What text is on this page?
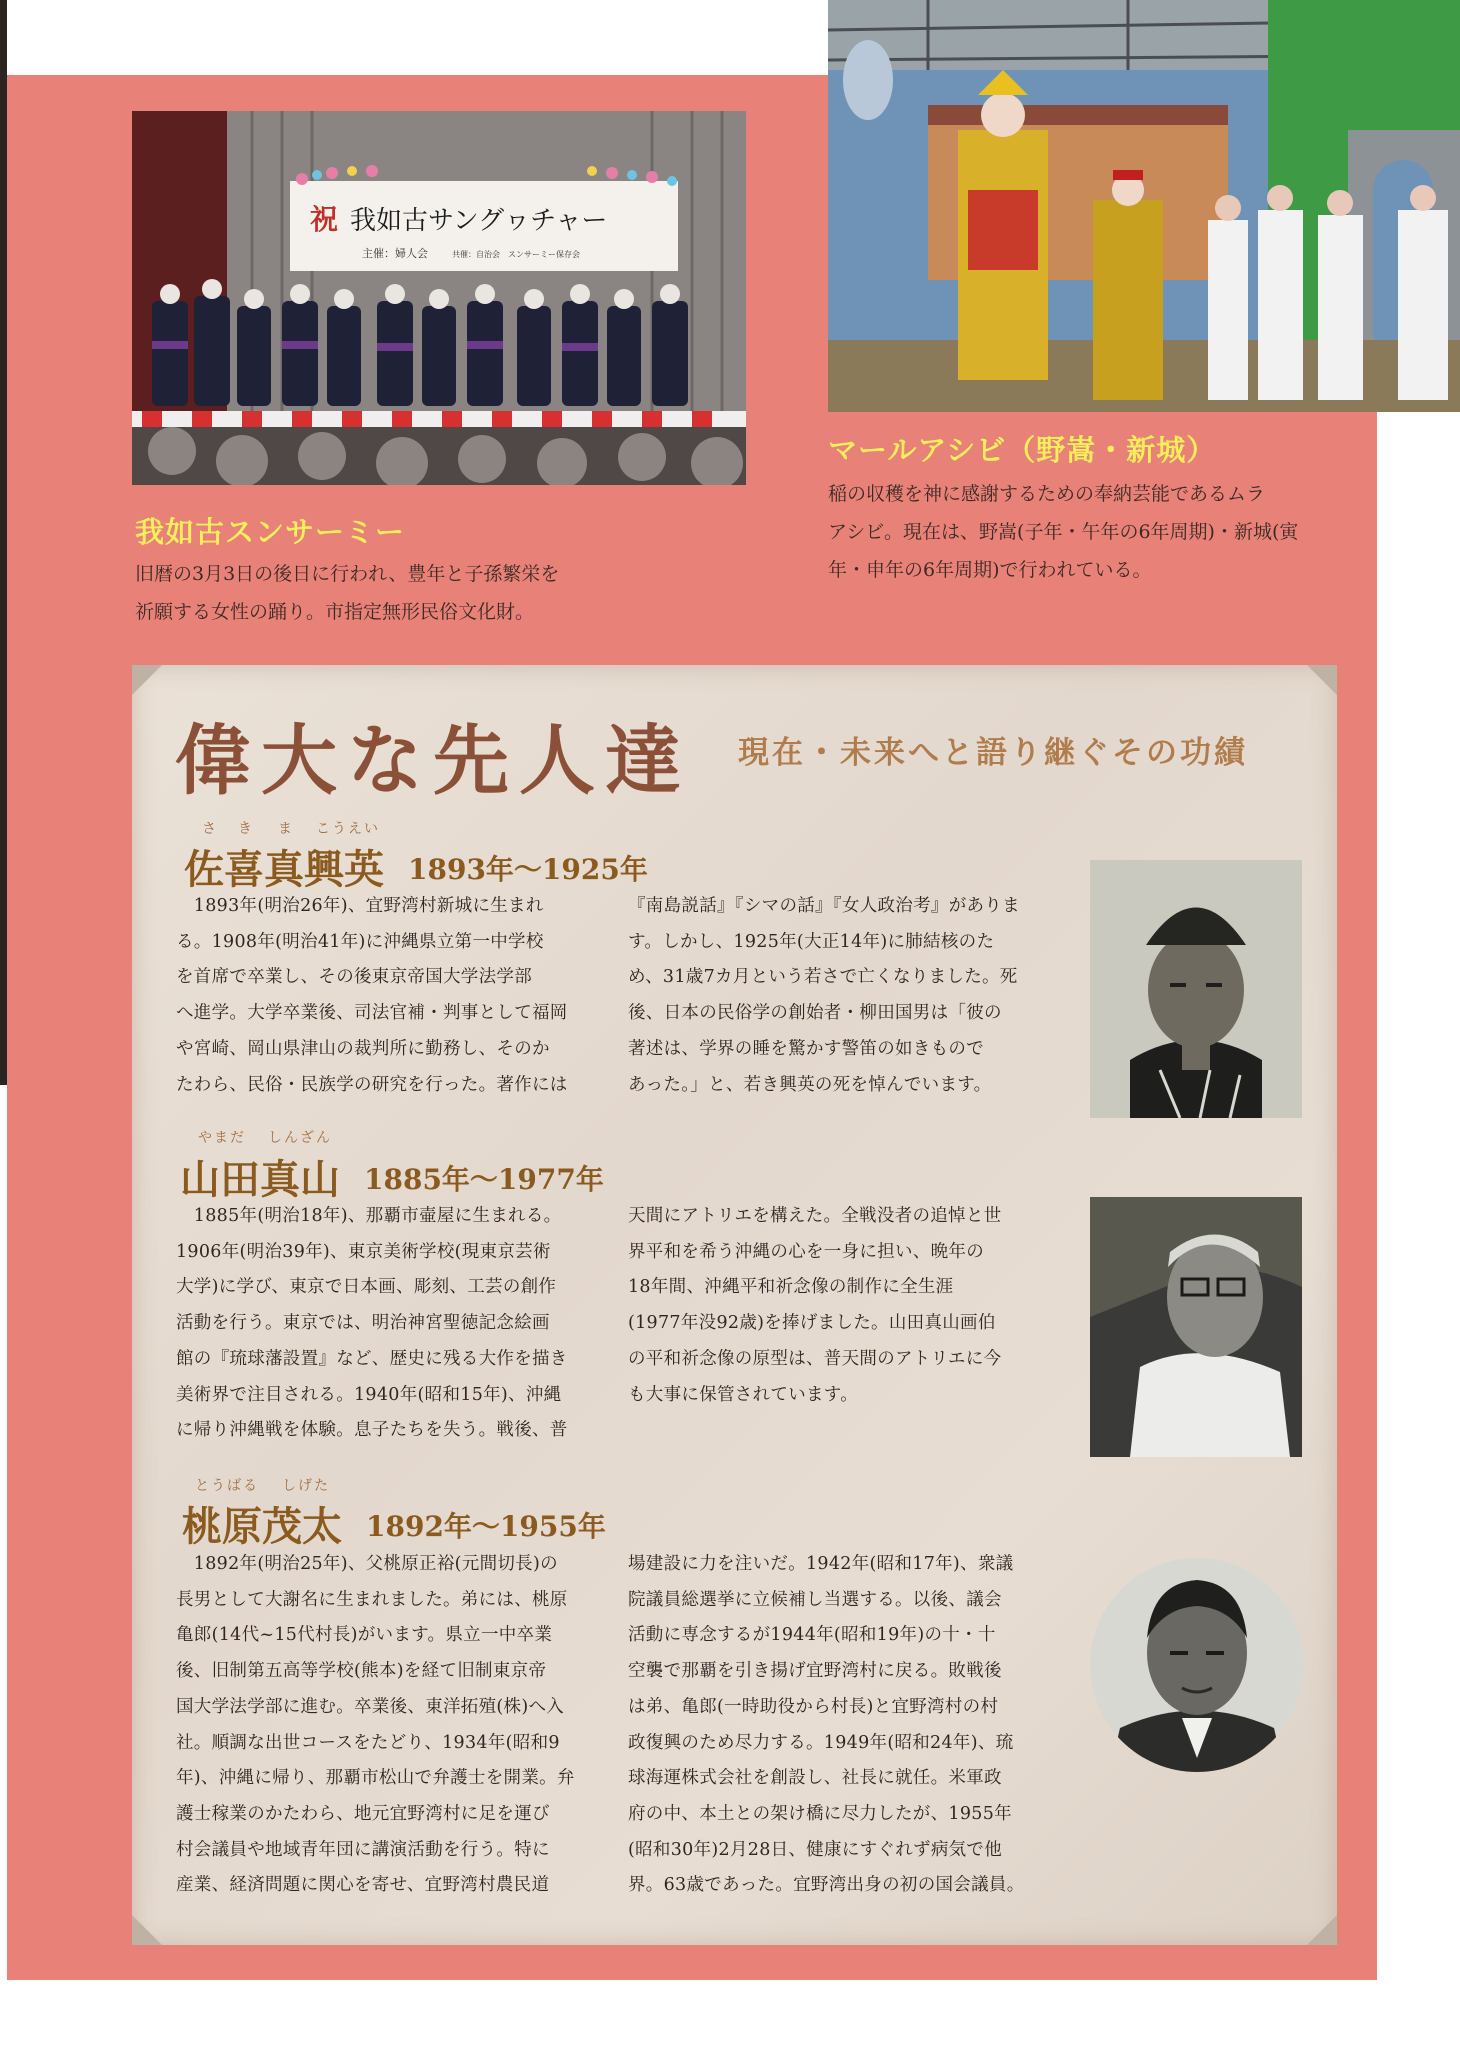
祝 我如古サングヮチャー
主催：婦人会	共催：自治会　スンサーミー保存会
我如古スンサーミー
旧暦の3月3日の後日に行われ、豊年と子孫繁栄を
祈願する女性の踊り。市指定無形民俗文化財。
マールアシビ（野嵩・新城）
稲の収穫を神に感謝するための奉納芸能であるムラ
アシビ。現在は、野嵩(子年・午年の6年周期)・新城(寅
年・申年の6年周期)で行われている。
偉大な先人達 現在・未来へと語り継ぐその功績
さ き ま こうえい
佐喜真興英 1893年～1925年
　1893年(明治26年)、宜野湾村新城に生まれ
る。1908年(明治41年)に沖縄県立第一中学校
を首席で卒業し、その後東京帝国大学法学部
へ進学。大学卒業後、司法官補・判事として福岡
や宮崎、岡山県津山の裁判所に勤務し、そのか
たわら、民俗・民族学の研究を行った。著作には
『南島説話』『シマの話』『女人政治考』がありま
す。しかし、1925年(大正14年)に肺結核のた
め、31歳7カ月という若さで亡くなりました。死
後、日本の民俗学の創始者・柳田国男は「彼の
著述は、学界の睡を驚かす警笛の如きもので
あった。」と、若き興英の死を悼んでいます。
やまだ しんざん
山田真山 1885年～1977年
　1885年(明治18年)、那覇市壷屋に生まれる。
1906年(明治39年)、東京美術学校(現東京芸術
大学)に学び、東京で日本画、彫刻、工芸の創作
活動を行う。東京では、明治神宮聖徳記念絵画
館の『琉球藩設置』など、歴史に残る大作を描き
美術界で注目される。1940年(昭和15年)、沖縄
に帰り沖縄戦を体験。息子たちを失う。戦後、普
天間にアトリエを構えた。全戦没者の追悼と世
界平和を希う沖縄の心を一身に担い、晩年の
18年間、沖縄平和祈念像の制作に全生涯
(1977年没92歳)を捧げました。山田真山画伯
の平和祈念像の原型は、普天間のアトリエに今
も大事に保管されています。
とうばる しげた
桃原茂太 1892年～1955年
　1892年(明治25年)、父桃原正裕(元間切長)の
長男として大謝名に生まれました。弟には、桃原
亀郎(14代~15代村長)がいます。県立一中卒業
後、旧制第五高等学校(熊本)を経て旧制東京帝
国大学法学部に進む。卒業後、東洋拓殖(株)へ入
社。順調な出世コースをたどり、1934年(昭和9
年)、沖縄に帰り、那覇市松山で弁護士を開業。弁
護士稼業のかたわら、地元宜野湾村に足を運び
村会議員や地域青年団に講演活動を行う。特に
産業、経済問題に関心を寄せ、宜野湾村農民道
場建設に力を注いだ。1942年(昭和17年)、衆議
院議員総選挙に立候補し当選する。以後、議会
活動に専念するが1944年(昭和19年)の十・十
空襲で那覇を引き揚げ宜野湾村に戻る。敗戦後
は弟、亀郎(一時助役から村長)と宜野湾村の村
政復興のため尽力する。1949年(昭和24年)、琉
球海運株式会社を創設し、社長に就任。米軍政
府の中、本土との架け橋に尽力したが、1955年
(昭和30年)2月28日、健康にすぐれず病気で他
界。63歳であった。宜野湾出身の初の国会議員。
